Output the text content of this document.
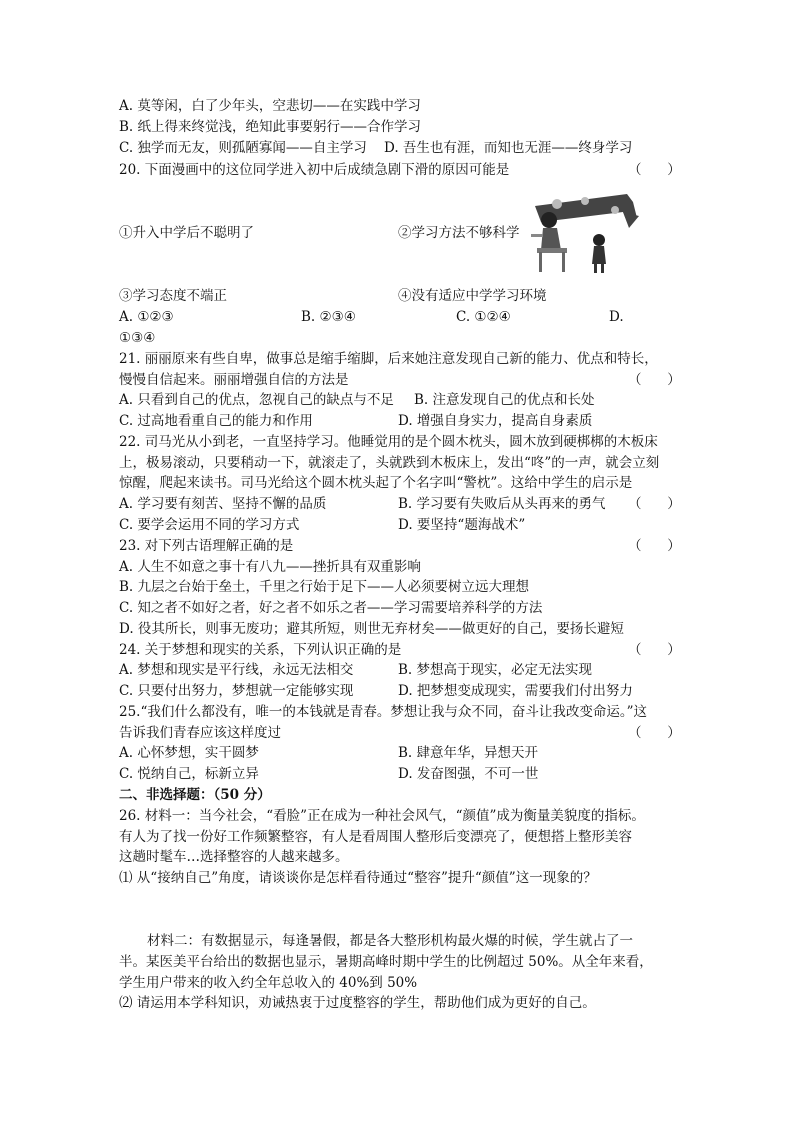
A. 莫等闲，白了少年头，空悲切——在实践中学习
B. 纸上得来终觉浅，绝知此事要躬行——合作学习
C. 独学而无友，则孤陋寡闻——自主学习 D. 吾生也有涯，而知也无涯——终身学习
20. 下面漫画中的这位同学进入初中后成绩急剧下滑的原因可能是	（      ）
①升入中学后不聪明了	②学习方法不够科学
③学习态度不端正	④没有适应中学学习环境
A. ①②③	B. ②③④	C. ①②④	D.
①③④
21. 丽丽原来有些自卑，做事总是缩手缩脚，后来她注意发现自己新的能力、优点和特长，
慢慢自信起来。丽丽增强自信的方法是	（      ）
A. 只看到自己的优点，忽视自己的缺点与不足 B. 注意发现自己的优点和长处
C. 过高地看重自己的能力和作用	D. 增强自身实力，提高自身素质
22. 司马光从小到老，一直坚持学习。他睡觉用的是个圆木枕头，圆木放到硬梆梆的木板床
上，极易滚动，只要稍动一下，就滚走了，头就跌到木板床上，发出“咚”的一声，就会立刻
惊醒，爬起来读书。司马光给这个圆木枕头起了个名字叫“警枕”。这给中学生的启示是
A. 学习要有刻苦、坚持不懈的品质	B. 学习要有失败后从头再来的勇气 （      ）
C. 要学会运用不同的学习方式	D. 要坚持“题海战术”
23. 对下列古语理解正确的是	（      ）
A. 人生不如意之事十有八九——挫折具有双重影响
B. 九层之台始于垒土，千里之行始于足下——人必须要树立远大理想
C. 知之者不如好之者，好之者不如乐之者——学习需要培养科学的方法
D. 役其所长，则事无废功；避其所短，则世无弃材矣——做更好的自己，要扬长避短
24. 关于梦想和现实的关系，下列认识正确的是	（      ）
A. 梦想和现实是平行线，永远无法相交	B. 梦想高于现实，必定无法实现
C. 只要付出努力，梦想就一定能够实现	D. 把梦想变成现实，需要我们付出努力
25.“我们什么都没有，唯一的本钱就是青春。梦想让我与众不同，奋斗让我改变命运。”这
告诉我们青春应该这样度过	（      ）
A. 心怀梦想，实干圆梦	B. 肆意年华，异想天开
C. 悦纳自己，标新立异	D. 发奋图强，不可一世
二、非选择题：（50 分）
26. 材料一：当今社会，“看脸”正在成为一种社会风气，“颜值”成为衡量美貌度的指标。
有人为了找一份好工作频繁整容，有人是看周围人整形后变漂亮了，便想搭上整形美容
这趟时髦车…选择整容的人越来越多。
⑴ 从“接纳自己”角度，请谈谈你是怎样看待通过“整容”提升“颜值”这一现象的？
材料二：有数据显示，每逢暑假，都是各大整形机构最火爆的时候，学生就占了一
半。某医美平台给出的数据也显示，暑期高峰时期中学生的比例超过 50%。从全年来看，
学生用户带来的收入约全年总收入的 40%到 50%
⑵ 请运用本学科知识，劝诫热衷于过度整容的学生，帮助他们成为更好的自己。
